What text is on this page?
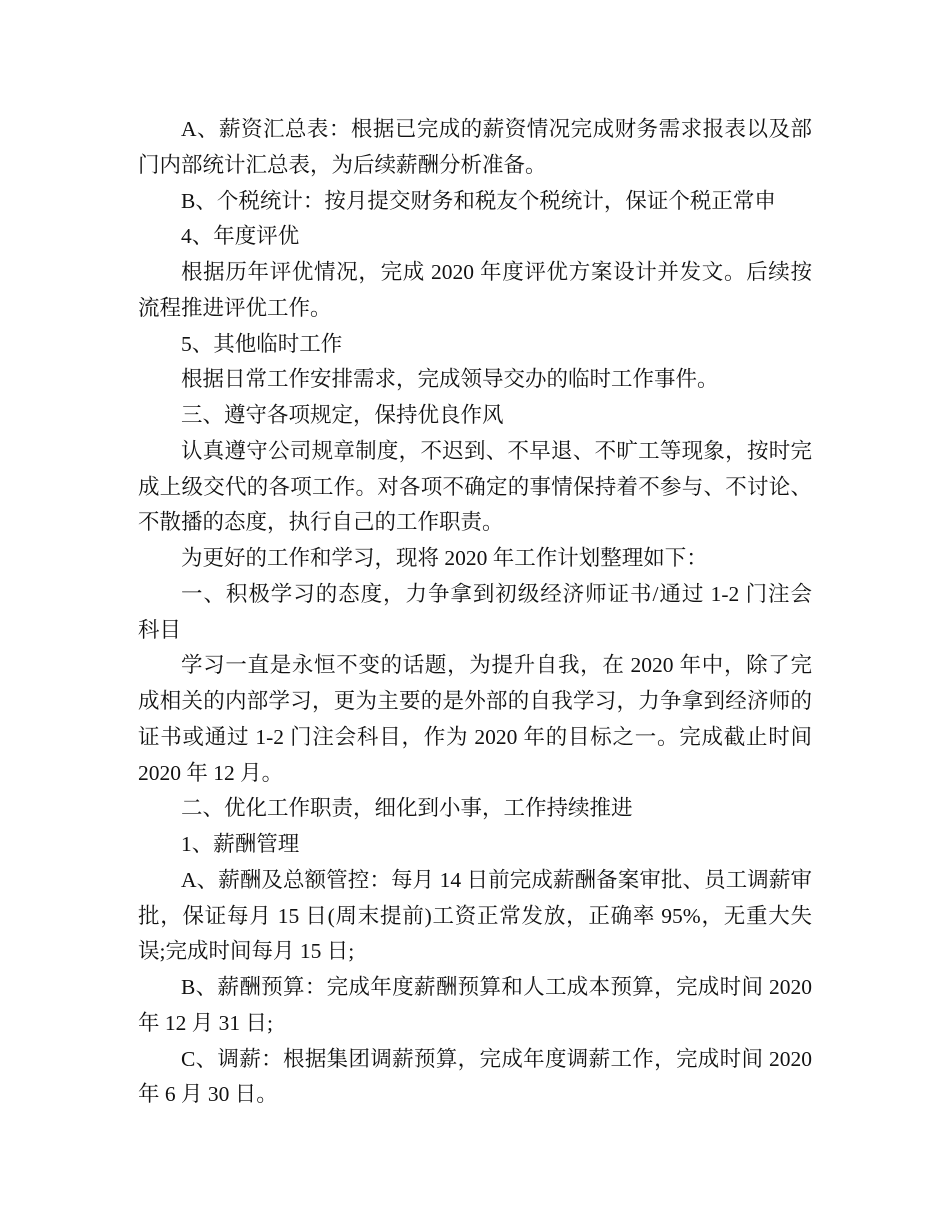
A、薪资汇总表：根据已完成的薪资情况完成财务需求报表以及部
门内部统计汇总表，为后续薪酬分析准备。
B、个税统计：按月提交财务和税友个税统计，保证个税正常申
4、年度评优
根据历年评优情况，完成 2020 年度评优方案设计并发文。后续按
流程推进评优工作。
5、其他临时工作
根据日常工作安排需求，完成领导交办的临时工作事件。
三、遵守各项规定，保持优良作风
认真遵守公司规章制度，不迟到、不早退、不旷工等现象，按时完
成上级交代的各项工作。对各项不确定的事情保持着不参与、不讨论、
不散播的态度，执行自己的工作职责。
为更好的工作和学习，现将 2020 年工作计划整理如下：
一、积极学习的态度，力争拿到初级经济师证书/通过 1-2 门注会
科目
学习一直是永恒不变的话题，为提升自我，在 2020 年中，除了完
成相关的内部学习，更为主要的是外部的自我学习，力争拿到经济师的
证书或通过 1-2 门注会科目，作为 2020 年的目标之一。完成截止时间
2020 年 12 月。
二、优化工作职责，细化到小事，工作持续推进
1、薪酬管理
A、薪酬及总额管控：每月 14 日前完成薪酬备案审批、员工调薪审
批，保证每月 15 日(周末提前)工资正常发放，正确率 95%，无重大失
误;完成时间每月 15 日;
B、薪酬预算：完成年度薪酬预算和人工成本预算，完成时间 2020
年 12 月 31 日;
C、调薪：根据集团调薪预算，完成年度调薪工作，完成时间 2020
年 6 月 30 日。
